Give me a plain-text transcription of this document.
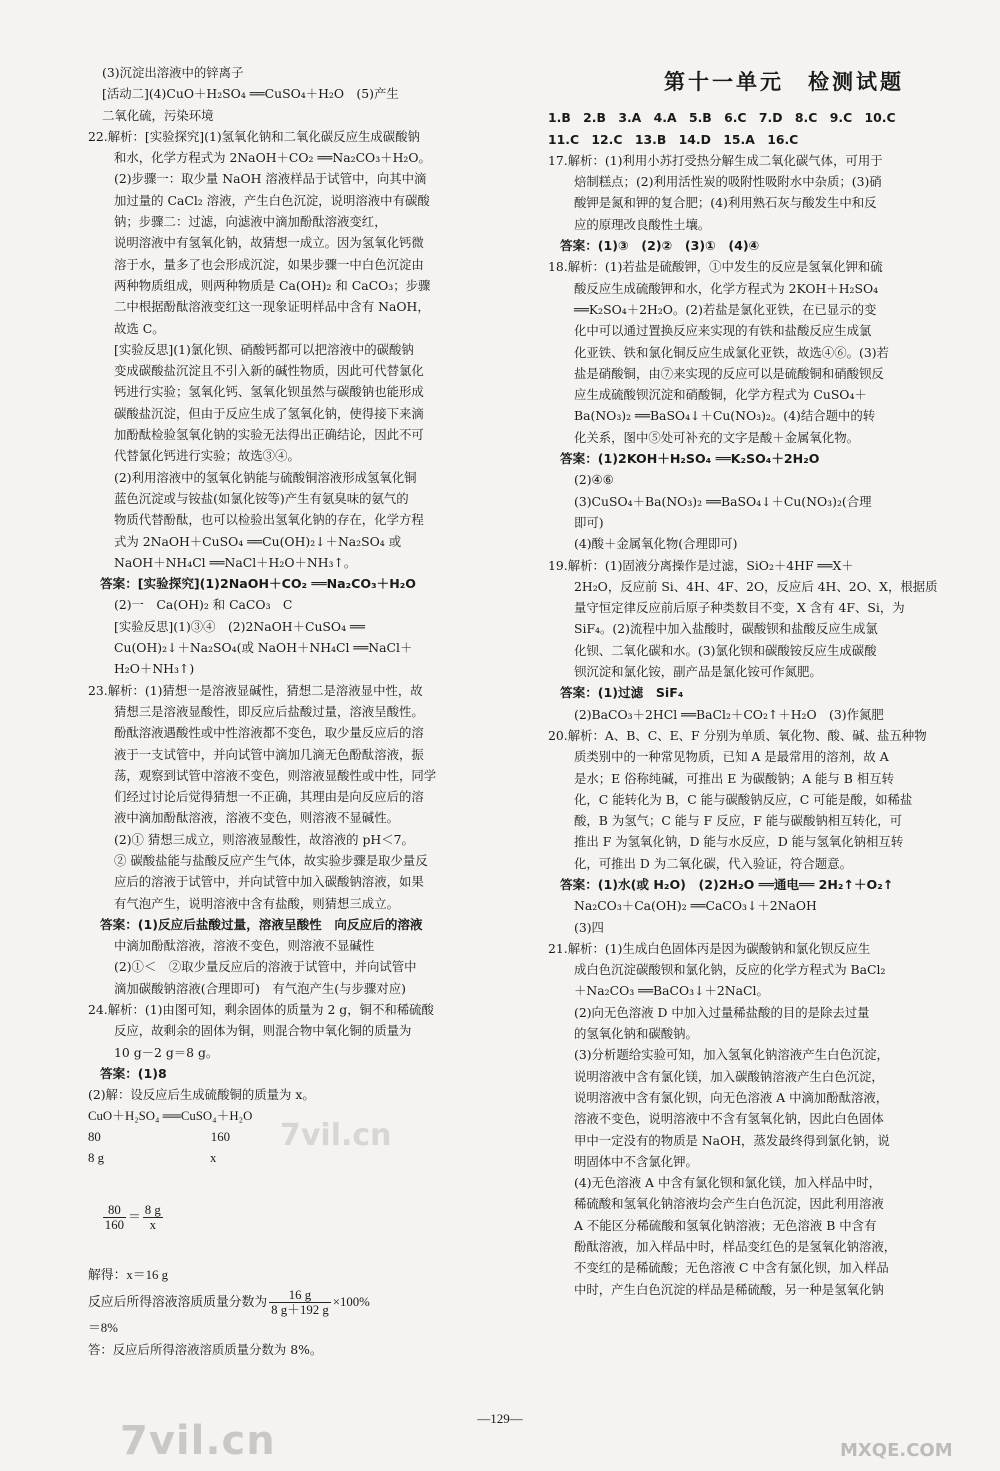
(3)沉淀出溶液中的锌离子

[活动二](4)CuO＋H₂SO₄ ══CuSO₄＋H₂O　(5)产生

二氧化硫，污染环境

22.解析：[实验探究](1)氢氧化钠和二氧化碳反应生成碳酸钠

和水，化学方程式为 2NaOH＋CO₂ ══Na₂CO₃＋H₂O。

(2)步骤一：取少量 NaOH 溶液样品于试管中，向其中滴

加过量的 CaCl₂ 溶液，产生白色沉淀，说明溶液中有碳酸

钠；步骤二：过滤，向滤液中滴加酚酞溶液变红，

说明溶液中有氢氧化钠，故猜想一成立。因为氢氧化钙微

溶于水，量多了也会形成沉淀，如果步骤一中白色沉淀由

两种物质组成，则两种物质是 Ca(OH)₂ 和 CaCO₃；步骤

二中根据酚酞溶液变红这一现象证明样品中含有 NaOH，

故选 C。

[实验反思](1)氯化钡、硝酸钙都可以把溶液中的碳酸钠

变成碳酸盐沉淀且不引入新的碱性物质，因此可代替氯化

钙进行实验；氢氧化钙、氢氧化钡虽然与碳酸钠也能形成

碳酸盐沉淀，但由于反应生成了氢氧化钠，使得接下来滴

加酚酞检验氢氧化钠的实验无法得出正确结论，因此不可

代替氯化钙进行实验；故选③④。

(2)利用溶液中的氢氧化钠能与硫酸铜溶液形成氢氧化铜

蓝色沉淀或与铵盐(如氯化铵等)产生有氨臭味的氨气的

物质代替酚酞，也可以检验出氢氧化钠的存在，化学方程

式为 2NaOH＋CuSO₄ ══Cu(OH)₂↓＋Na₂SO₄ 或

NaOH＋NH₄Cl ══NaCl＋H₂O＋NH₃↑。

答案：[实验探究](1)2NaOH＋CO₂ ══Na₂CO₃＋H₂O

(2)一　Ca(OH)₂ 和 CaCO₃　C

[实验反思](1)③④　(2)2NaOH＋CuSO₄ ══

Cu(OH)₂↓＋Na₂SO₄(或 NaOH＋NH₄Cl ══NaCl＋

H₂O＋NH₃↑)

23.解析：(1)猜想一是溶液显碱性，猜想二是溶液显中性，故

猜想三是溶液显酸性，即反应后盐酸过量，溶液呈酸性。

酚酞溶液遇酸性或中性溶液都不变色，取少量反应后的溶

液于一支试管中，并向试管中滴加几滴无色酚酞溶液，振

荡，观察到试管中溶液不变色，则溶液显酸性或中性，同学

们经过讨论后觉得猜想一不正确，其理由是向反应后的溶

液中滴加酚酞溶液，溶液不变色，则溶液不显碱性。

(2)① 猜想三成立，则溶液显酸性，故溶液的 pH＜7。

② 碳酸盐能与盐酸反应产生气体，故实验步骤是取少量反

应后的溶液于试管中，并向试管中加入碳酸钠溶液，如果

有气泡产生，说明溶液中含有盐酸，则猜想三成立。

答案：(1)反应后盐酸过量，溶液呈酸性　向反应后的溶液

中滴加酚酞溶液，溶液不变色，则溶液不显碱性

(2)①＜　②取少量反应后的溶液于试管中，并向试管中

滴加碳酸钠溶液(合理即可)　有气泡产生(与步骤对应)

24.解析：(1)由图可知，剩余固体的质量为 2 g，铜不和稀硫酸

反应，故剩余的固体为铜，则混合物中氧化铜的质量为

10 g－2 g＝8 g。

答案：(1)8

(2)解：设反应后生成硫酸铜的质量为 x。

CuO＋H₂SO₄ ══CuSO₄＋H₂O

80	160

8 g	x

$\frac{80}{160} = \frac{8 g}{x}$

解得：x＝16 g

反应后所得溶液溶质质量分数为 $\frac{16 g}{8 g+192 g} \times 100\%$

＝8%

答：反应后所得溶液溶质质量分数为 8%。

第十一单元　检测试题

1.B　2.B　3.A　4.A　5.B　6.C　7.D　8.C　9.C　10.C

11.C　12.C　13.B　14.D　15.A　16.C

17.解析：(1)利用小苏打受热分解生成二氧化碳气体，可用于

焙制糕点；(2)利用活性炭的吸附性吸附水中杂质；(3)硝

酸钾是氮和钾的复合肥；(4)利用熟石灰与酸发生中和反

应的原理改良酸性土壤。

答案：(1)③　(2)②　(3)①　(4)④

18.解析：(1)若盐是硫酸钾，①中发生的反应是氢氧化钾和硫

酸反应生成硫酸钾和水，化学方程式为 2KOH＋H₂SO₄

══K₂SO₄＋2H₂O。(2)若盐是氯化亚铁，在已显示的变

化中可以通过置换反应来实现的有铁和盐酸反应生成氯

化亚铁、铁和氯化铜反应生成氯化亚铁，故选④⑥。(3)若

盐是硝酸铜，由⑦来实现的反应可以是硫酸铜和硝酸钡反

应生成硫酸钡沉淀和硝酸铜，化学方程式为 CuSO₄＋

Ba(NO₃)₂ ══BaSO₄↓＋Cu(NO₃)₂。(4)结合题中的转

化关系，图中⑤处可补充的文字是酸＋金属氧化物。

答案：(1)2KOH＋H₂SO₄ ══K₂SO₄＋2H₂O

(2)④⑥

(3)CuSO₄＋Ba(NO₃)₂ ══BaSO₄↓＋Cu(NO₃)₂(合理

即可)

(4)酸＋金属氧化物(合理即可)

19.解析：(1)固液分离操作是过滤，SiO₂＋4HF ══X＋

2H₂O，反应前 Si、4H、4F、2O，反应后 4H、2O、X，根据质

量守恒定律反应前后原子种类数目不变，X 含有 4F、Si，为

SiF₄。(2)流程中加入盐酸时，碳酸钡和盐酸反应生成氯

化钡、二氧化碳和水。(3)氯化钡和碳酸铵反应生成碳酸

钡沉淀和氯化铵，副产品是氯化铵可作氮肥。

答案：(1)过滤　SiF₄

(2)BaCO₃＋2HCl ══BaCl₂＋CO₂↑＋H₂O　(3)作氮肥

20.解析：A、B、C、E、F 分别为单质、氧化物、酸、碱、盐五种物

质类别中的一种常见物质，已知 A 是最常用的溶剂，故 A

是水；E 俗称纯碱，可推出 E 为碳酸钠；A 能与 B 相互转

化，C 能转化为 B，C 能与碳酸钠反应，C 可能是酸，如稀盐

酸，B 为氢气；C 能与 F 反应，F 能与碳酸钠相互转化，可

推出 F 为氢氧化钠，D 能与水反应，D 能与氢氧化钠相互转

化，可推出 D 为二氧化碳，代入验证，符合题意。

答案：(1)水(或 H₂O)　(2)2H₂O ══通电══ 2H₂↑＋O₂↑

Na₂CO₃＋Ca(OH)₂ ══CaCO₃↓＋2NaOH

(3)四

21.解析：(1)生成白色固体丙是因为碳酸钠和氯化钡反应生

成白色沉淀碳酸钡和氯化钠，反应的化学方程式为 BaCl₂

＋Na₂CO₃ ══BaCO₃↓＋2NaCl。

(2)向无色溶液 D 中加入过量稀盐酸的目的是除去过量

的氢氧化钠和碳酸钠。

(3)分析题给实验可知，加入氢氧化钠溶液产生白色沉淀，

说明溶液中含有氯化镁，加入碳酸钠溶液产生白色沉淀，

说明溶液中含有氯化钡，向无色溶液 A 中滴加酚酞溶液，

溶液不变色，说明溶液中不含有氢氧化钠，因此白色固体

甲中一定没有的物质是 NaOH，蒸发最终得到氯化钠，说

明固体中不含氯化钾。

(4)无色溶液 A 中含有氯化钡和氯化镁，加入样品中时，

稀硫酸和氢氧化钠溶液均会产生白色沉淀，因此利用溶液

A 不能区分稀硫酸和氢氧化钠溶液；无色溶液 B 中含有

酚酞溶液，加入样品中时，样品变红色的是氢氧化钠溶液，

不变红的是稀硫酸；无色溶液 C 中含有氯化钡，加入样品

中时，产生白色沉淀的样品是稀硫酸，另一种是氢氧化钠

—129—
7vil.cn	MXQE.COM
7vil.cn
